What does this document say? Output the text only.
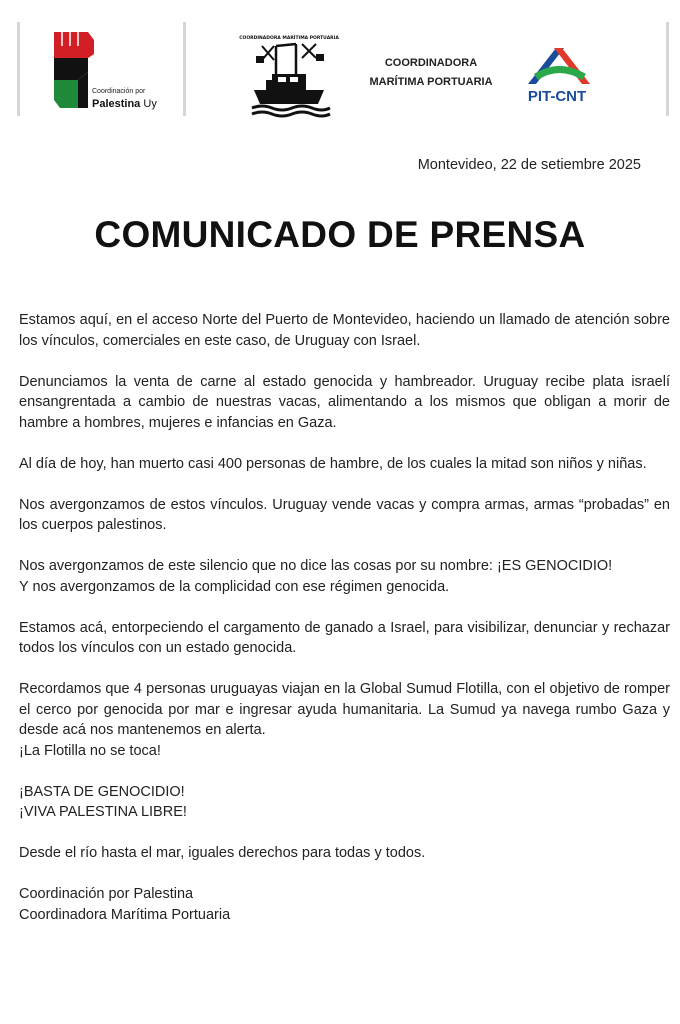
Coordinación por
Palestina Uy
COORDINADORA MARÍTIMA PORTUARIA
COORDINADORA
MARÍTIMA PORTUARIA
PIT-CNT
Montevideo, 22 de setiembre 2025
COMUNICADO DE PRENSA

Estamos aquí, en el acceso Norte del Puerto de Montevideo, haciendo un llamado de atención sobre los vínculos, comerciales en este caso, de Uruguay con Israel.

Denunciamos la venta de carne al estado genocida y hambreador. Uruguay recibe plata israelí ensangrentada a cambio de nuestras vacas, alimentando a los mismos que obligan a morir de hambre a hombres, mujeres e infancias en Gaza.

Al día de hoy, han muerto casi 400 personas de hambre, de los cuales la mitad son niños y niñas.

Nos avergonzamos de estos vínculos. Uruguay vende vacas y compra armas, armas “probadas” en los cuerpos palestinos.

Nos avergonzamos de este silencio que no dice las cosas por su nombre: ¡ES GENOCIDIO!

Y nos avergonzamos de la complicidad con ese régimen genocida.

Estamos acá, entorpeciendo el cargamento de ganado a Israel, para visibilizar, denunciar y rechazar todos los vínculos con un estado genocida.

Recordamos que 4 personas uruguayas viajan en la Global Sumud Flotilla, con el objetivo de romper el cerco por genocida por mar e ingresar ayuda humanitaria. La Sumud ya navega rumbo Gaza y desde acá nos mantenemos en alerta.

¡La Flotilla no se toca!

¡BASTA DE GENOCIDIO!

¡VIVA PALESTINA LIBRE!

Desde el río hasta el mar, iguales derechos para todas y todos.

Coordinación por Palestina

Coordinadora Marítima Portuaria
